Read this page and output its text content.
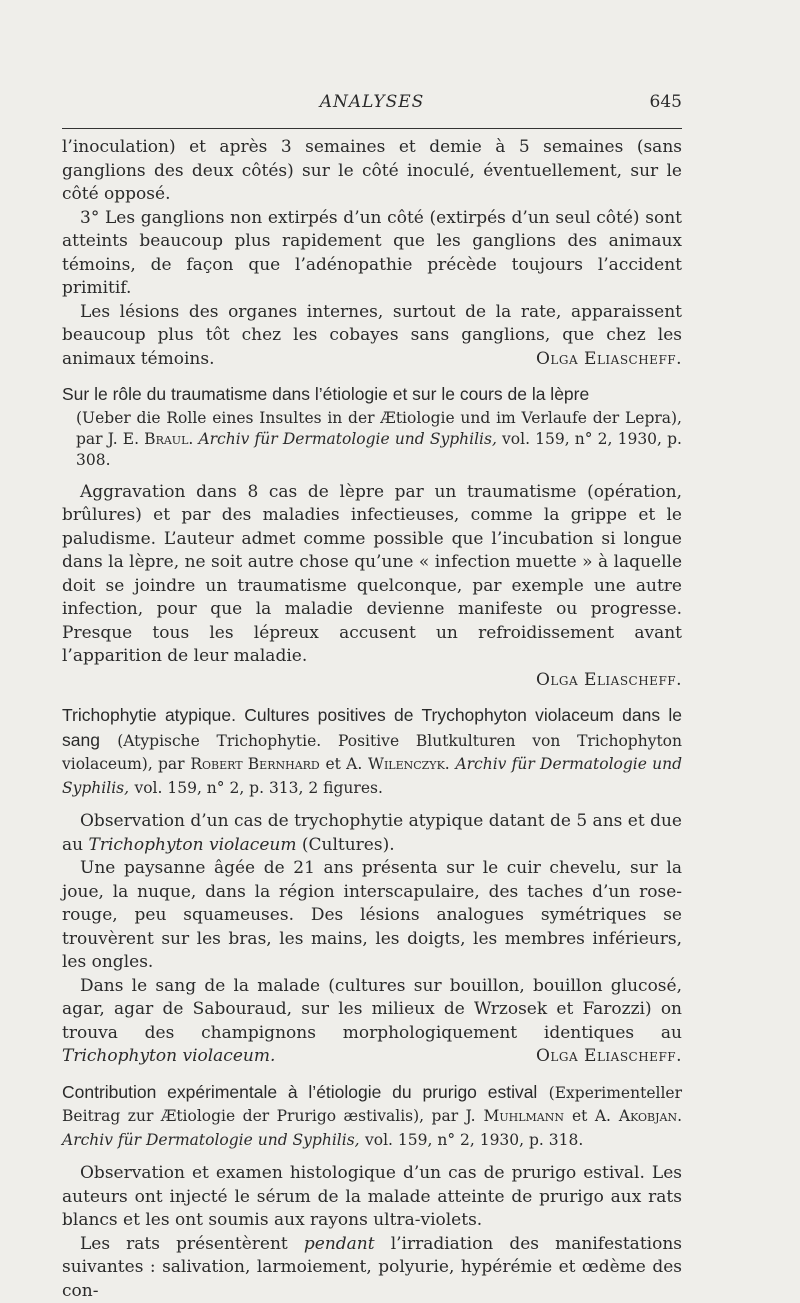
ANALYSES	645

l’inoculation) et après 3 semaines et demie à 5 semaines (sans ganglions des deux côtés) sur le côté inoculé, éventuellement, sur le côté opposé.

3° Les ganglions non extirpés d’un côté (extirpés d’un seul côté) sont atteints beaucoup plus rapidement que les ganglions des animaux témoins, de façon que l’adénopathie précède toujours l’accident primitif.

Les lésions des organes internes, surtout de la rate, apparaissent beaucoup plus tôt chez les cobayes sans ganglions, que chez les animaux témoins.	Olga Eliascheff.

Sur le rôle du traumatisme dans l’étiologie et sur le cours de la lèpre

(Ueber die Rolle eines Insultes in der Ætiologie und im Verlaufe der Lepra), par J. E. Braul. Archiv für Dermatologie und Syphilis, vol. 159, n° 2, 1930, p. 308.

Aggravation dans 8 cas de lèpre par un traumatisme (opération, brûlures) et par des maladies infectieuses, comme la grippe et le paludisme. L’auteur admet comme possible que l’incubation si longue dans la lèpre, ne soit autre chose qu’une « infection muette » à laquelle doit se joindre un traumatisme quelconque, par exemple une autre infection, pour que la maladie devienne manifeste ou progresse. Presque tous les lépreux accusent un refroidissement avant l’apparition de leur maladie.

Olga Eliascheff.

Trichophytie atypique. Cultures positives de Trychophyton violaceum dans le sang (Atypische Trichophytie. Positive Blutkulturen von Trichophyton violaceum), par Robert Bernhard et A. Wilenczyk. Archiv für Dermatologie und Syphilis, vol. 159, n° 2, p. 313, 2 figures.

Observation d’un cas de trychophytie atypique datant de 5 ans et due au Trichophyton violaceum (Cultures).

Une paysanne âgée de 21 ans présenta sur le cuir chevelu, sur la joue, la nuque, dans la région interscapulaire, des taches d’un rose-rouge, peu squameuses. Des lésions analogues symétriques se trouvèrent sur les bras, les mains, les doigts, les membres inférieurs, les ongles.

Dans le sang de la malade (cultures sur bouillon, bouillon glucosé, agar, agar de Sabouraud, sur les milieux de Wrzosek et Farozzi) on trouva des champignons morphologiquement identiques au Trichophyton violaceum.	Olga Eliascheff.

Contribution expérimentale à l’étiologie du prurigo estival (Experimenteller Beitrag zur Ætiologie der Prurigo æstivalis), par J. Muhlmann et A. Akobjan. Archiv für Dermatologie und Syphilis, vol. 159, n° 2, 1930, p. 318.

Observation et examen histologique d’un cas de prurigo estival. Les auteurs ont injecté le sérum de la malade atteinte de prurigo aux rats blancs et les ont soumis aux rayons ultra-violets.

Les rats présentèrent pendant l’irradiation des manifestations suivantes : salivation, larmoiement, polyurie, hypérémie et œdème des con-
